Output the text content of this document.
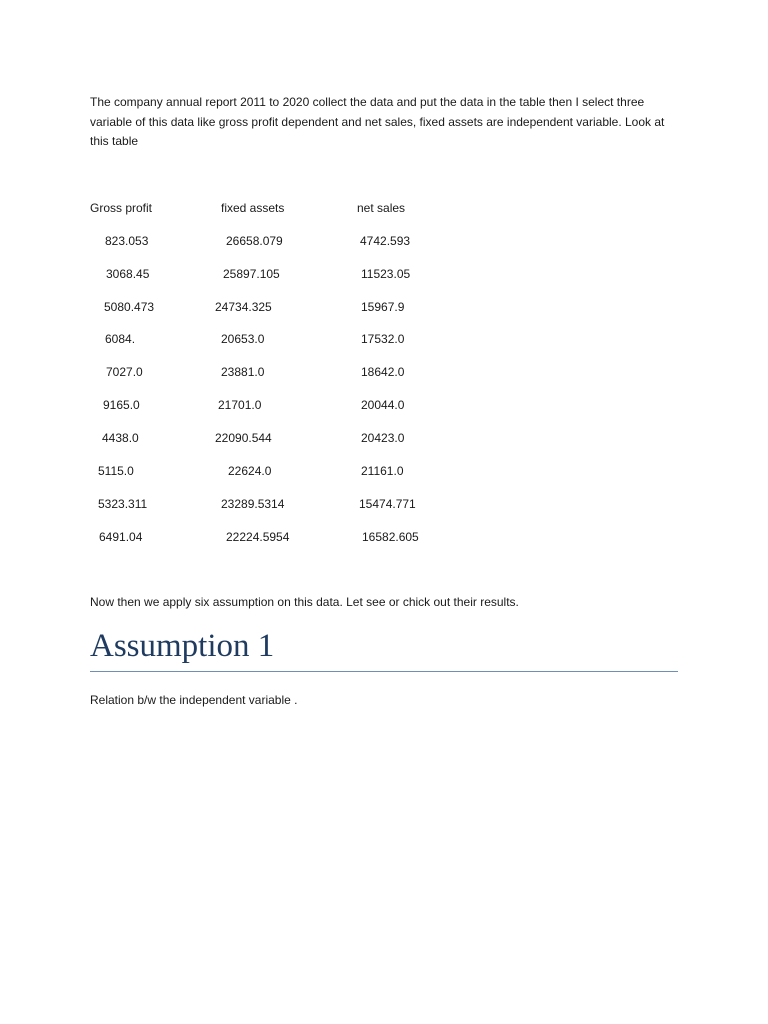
The company annual report 2011 to 2020 collect the data and put the data in the table then I select three variable of this data like gross profit dependent and net sales, fixed assets are independent variable. Look at this table

Gross profit	fixed assets	net sales
823.053	26658.079	4742.593
3068.45	25897.105	11523.05
5080.473	24734.325	15967.9
6084.	20653.0	17532.0
7027.0	23881.0	18642.0
9165.0	21701.0	20044.0
4438.0	22090.544	20423.0
5115.0	22624.0	21161.0
5323.311	23289.5314	15474.771
6491.04	22224.5954	16582.605

Now then we apply six assumption on this data. Let see or chick out their results.

Assumption 1

Relation b/w the independent variable .
